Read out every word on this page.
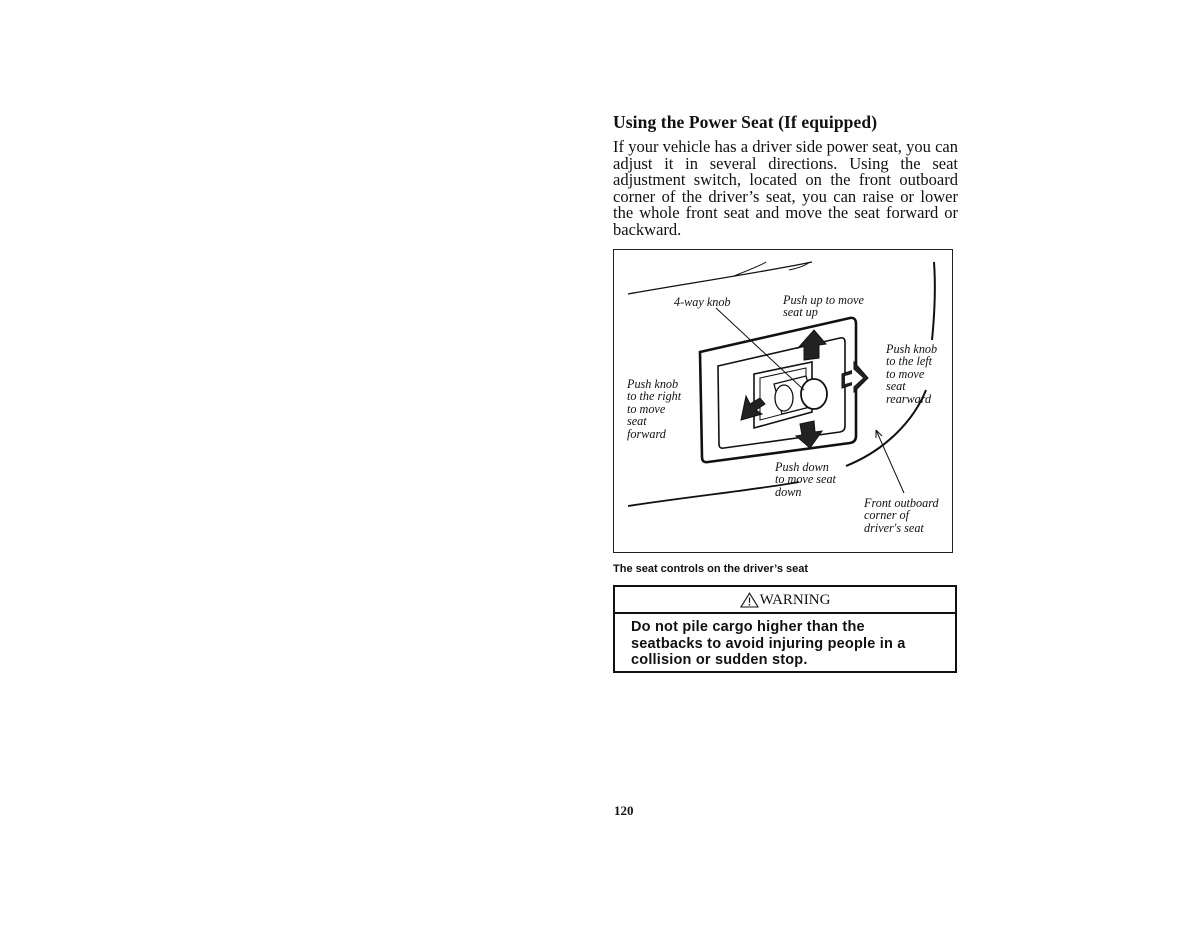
Using the Power Seat (If equipped)

If your vehicle has a driver side power seat, you can adjust it in several directions. Using the seat adjustment switch, located on the front outboard corner of the driver’s seat, you can raise or lower the whole front seat and move the seat forward or backward.

4-way knob	Push up to move
seat up

Push knob
to the left
to move
seat
rearward

Push knob
to the right
to move
seat
forward

Push down
to move seat
down

Front outboard
corner of
driver's seat

The seat controls on the driver’s seat

WARNING

Do not pile cargo higher than the seatbacks to avoid injuring people in a collision or sudden stop.

120
